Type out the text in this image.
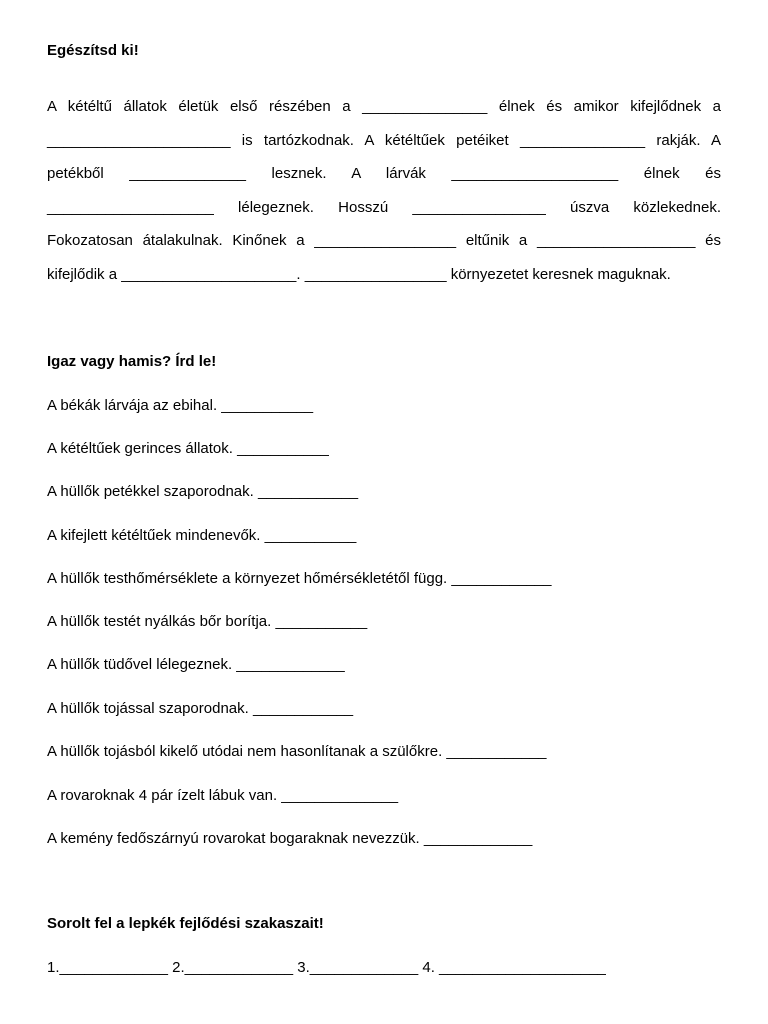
Egészítsd ki!
A kétéltű állatok életük első részében a _______________ élnek és amikor kifejlődnek a
______________________ is tartózkodnak. A kétéltűek petéiket _______________ rakják. A
petékből ______________ lesznek. A lárvák ____________________ élnek és
____________________ lélegeznek. Hosszú ________________ úszva közlekednek.
Fokozatosan átalakulnak. Kinőnek a _________________ eltűnik a ___________________ és
kifejlődik a _____________________. _________________ környezetet keresnek maguknak.
Igaz vagy hamis? Írd le!
A békák lárvája az ebihal. ___________
A kétéltűek gerinces állatok. ___________
A hüllők petékkel szaporodnak. ____________
A kifejlett kétéltűek mindenevők. ___________
A hüllők testhőmérséklete a környezet hőmérsékletétől függ. ____________
A hüllők testét nyálkás bőr borítja. ___________
A hüllők tüdővel lélegeznek. _____________
A hüllők tojással szaporodnak. ____________
A hüllők tojásból kikelő utódai nem hasonlítanak a szülőkre. ____________
A rovaroknak 4 pár ízelt lábuk van. ______________
A kemény fedőszárnyú rovarokat bogaraknak nevezzük. _____________
Sorolt fel a lepkék fejlődési szakaszait!
1._____________ 2._____________ 3._____________ 4. ____________________
